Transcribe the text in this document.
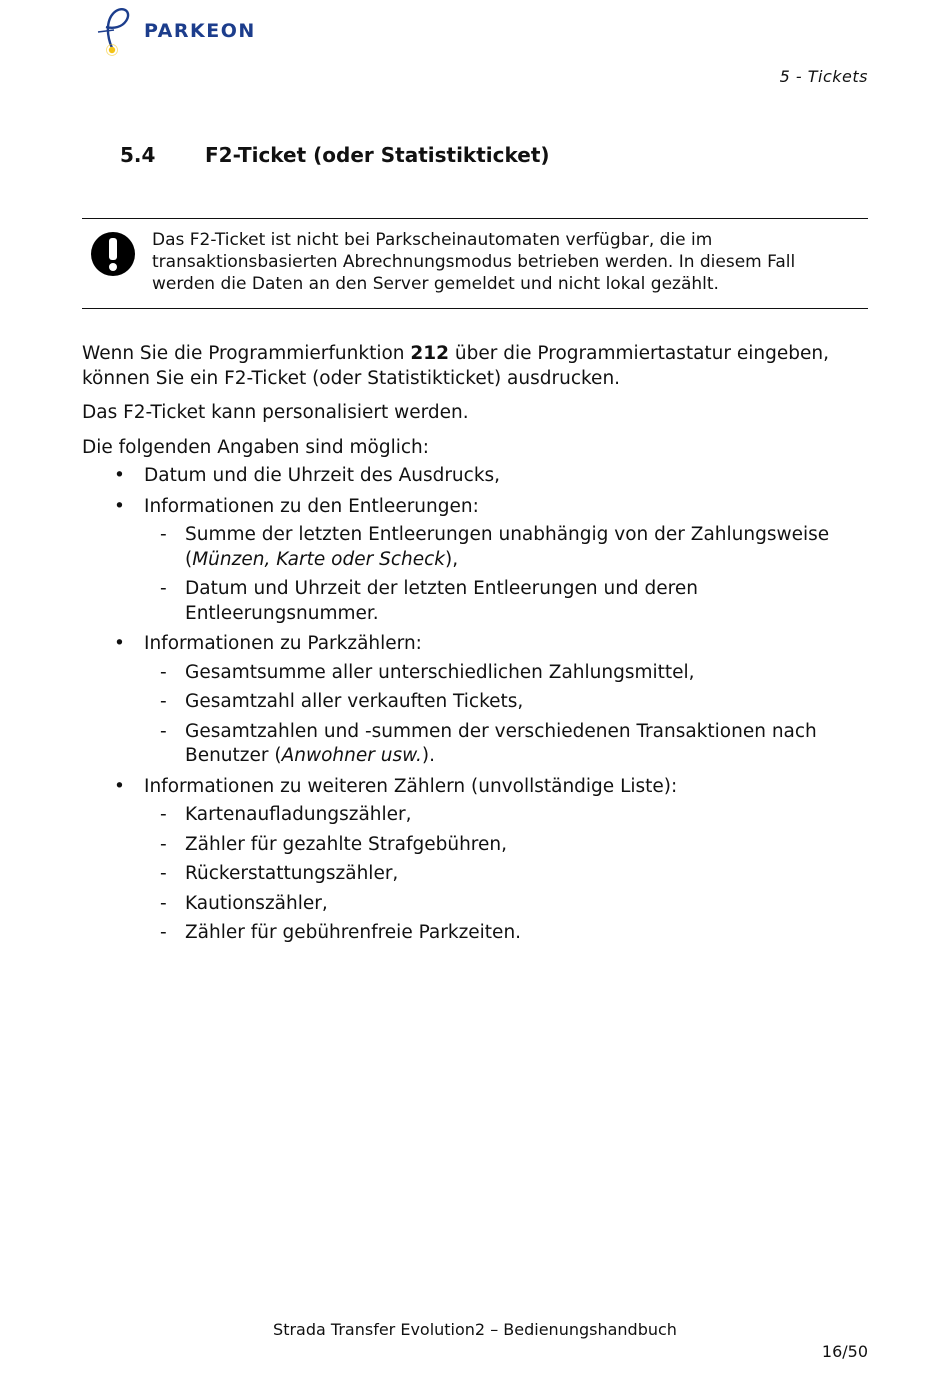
PARKEON
5 - Tickets
5.4 F2-Ticket (oder Statistikticket)
Das F2-Ticket ist nicht bei Parkscheinautomaten verfügbar, die im
transaktionsbasierten Abrechnungsmodus betrieben werden. In diesem Fall
werden die Daten an den Server gemeldet und nicht lokal gezählt.

Wenn Sie die Programmierfunktion 212 über die Programmiertastatur eingeben, können Sie ein F2-Ticket (oder Statistikticket) ausdrucken.

Das F2-Ticket kann personalisiert werden.

Die folgenden Angaben sind möglich:

• Datum und die Uhrzeit des Ausdrucks,
• Informationen zu den Entleerungen:
- Summe der letzten Entleerungen unabhängig von der Zahlungsweise (Münzen, Karte oder Scheck),
- Datum und Uhrzeit der letzten Entleerungen und deren Entleerungsnummer.
• Informationen zu Parkzählern:
- Gesamtsumme aller unterschiedlichen Zahlungsmittel,
- Gesamtzahl aller verkauften Tickets,
- Gesamtzahlen und -summen der verschiedenen Transaktionen nach Benutzer (Anwohner usw.).
• Informationen zu weiteren Zählern (unvollständige Liste):
- Kartenaufladungszähler,
- Zähler für gezahlte Strafgebühren,
- Rückerstattungszähler,
- Kautionszähler,
- Zähler für gebührenfreie Parkzeiten.
Strada Transfer Evolution2 – Bedienungshandbuch
16/50
